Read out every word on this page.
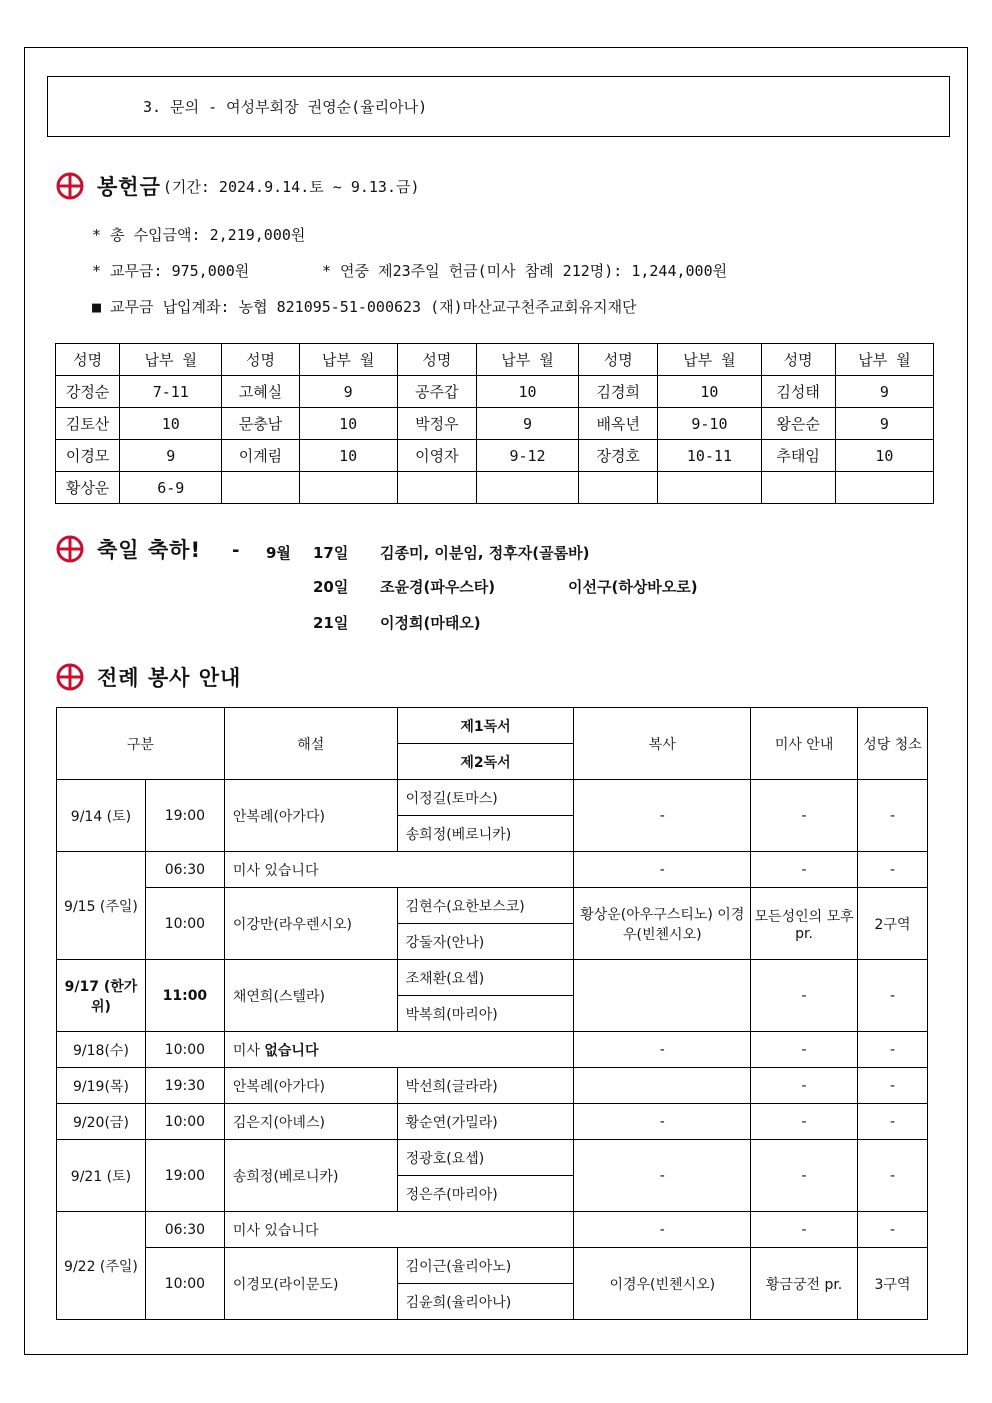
3. 문의 - 여성부회장 권영순(율리아나)
봉헌금 (기간: 2024.9.14.토 ~ 9.13.금)
* 총 수입금액: 2,219,000원
* 교무금: 975,000원	* 연중 제23주일 헌금(미사 참례 212명): 1,244,000원
■ 교무금 납입계좌: 농협 821095-51-000623 (재)마산교구천주교회유지재단
성명	납부 월	성명	납부 월	성명	납부 월	성명	납부 월	성명	납부 월
강정순	7-11	고혜실	9	공주갑	10	김경희	10	김성태	9
김토산	10	문충남	10	박정우	9	배옥년	9-10	왕은순	9
이경모	9	이계림	10	이영자	9-12	장경호	10-11	추태임	10
황상운	6-9								
축일 축하! - 9월 17일 김종미, 이분임, 정후자(골롬바)
20일 조윤경(파우스타)	이선구(하상바오로)
21일 이정희(마태오)
전례 봉사 안내
구분		해설	제1독서	복사	미사 안내	성당 청소
			제2독서			
9/14 (토)	19:00	안복례(아가다)	이정길(토마스)	-	-	-
			송희정(베로니카)			
9/15 (주일)	06:30	미사 있습니다		-	-	-
	10:00	이강만(라우렌시오)	김현수(요한보스코)	황상운(아우구스티노) 이경우(빈첸시오)	모든성인의 모후 pr.	2구역
			강둘자(안나)			
9/17 (한가위)	11:00	채연희(스텔라)	조채환(요셉)		-	-
			박복희(마리아)			
9/18(수)	10:00	미사 없습니다		-	-	-
9/19(목)	19:30	안복례(아가다)	박선희(글라라)		-	-
9/20(금)	10:00	김은지(아녜스)	황순연(가밀라)	-	-	-
9/21 (토)	19:00	송희정(베로니카)	정광호(요셉)	-	-	-
			정은주(마리아)			
9/22 (주일)	06:30	미사 있습니다		-	-	-
	10:00	이경모(라이문도)	김이근(율리아노)	이경우(빈첸시오)	황금궁전 pr.	3구역
			김윤희(율리아나)			
